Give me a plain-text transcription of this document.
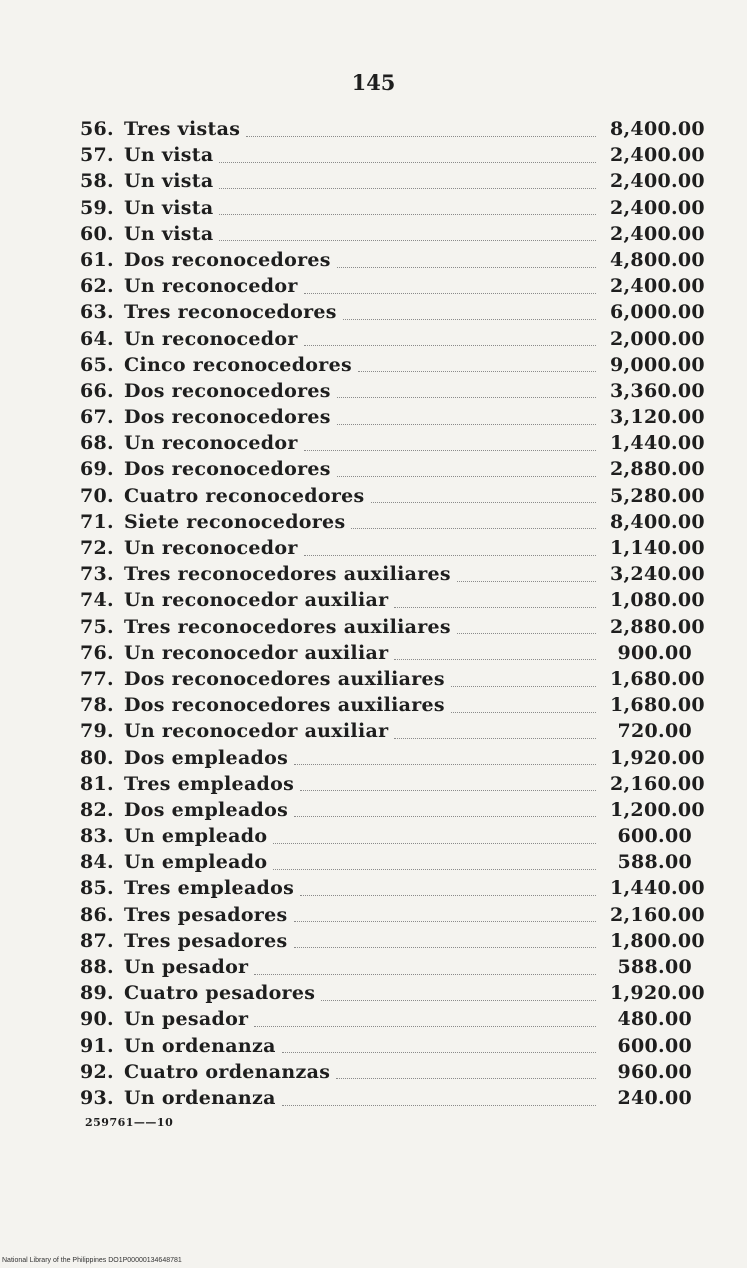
145
56. Tres vistas	8,400.00
57. Un vista	2,400.00
58. Un vista	2,400.00
59. Un vista	2,400.00
60. Un vista	2,400.00
61. Dos reconocedores	4,800.00
62. Un reconocedor	2,400.00
63. Tres reconocedores	6,000.00
64. Un reconocedor	2,000.00
65. Cinco reconocedores	9,000.00
66. Dos reconocedores	3,360.00
67. Dos reconocedores	3,120.00
68. Un reconocedor	1,440.00
69. Dos reconocedores	2,880.00
70. Cuatro reconocedores	5,280.00
71. Siete reconocedores	8,400.00
72. Un reconocedor	1,140.00
73. Tres reconocedores auxiliares	3,240.00
74. Un reconocedor auxiliar	1,080.00
75. Tres reconocedores auxiliares	2,880.00
76. Un reconocedor auxiliar	900.00
77. Dos reconocedores auxiliares	1,680.00
78. Dos reconocedores auxiliares	1,680.00
79. Un reconocedor auxiliar	720.00
80. Dos empleados	1,920.00
81. Tres empleados	2,160.00
82. Dos empleados	1,200.00
83. Un empleado	600.00
84. Un empleado	588.00
85. Tres empleados	1,440.00
86. Tres pesadores	2,160.00
87. Tres pesadores	1,800.00
88. Un pesador	588.00
89. Cuatro pesadores	1,920.00
90. Un pesador	480.00
91. Un ordenanza	600.00
92. Cuatro ordenanzas	960.00
93. Un ordenanza	240.00
259761——10
National Library of the Philippines DO1P00000134648781
